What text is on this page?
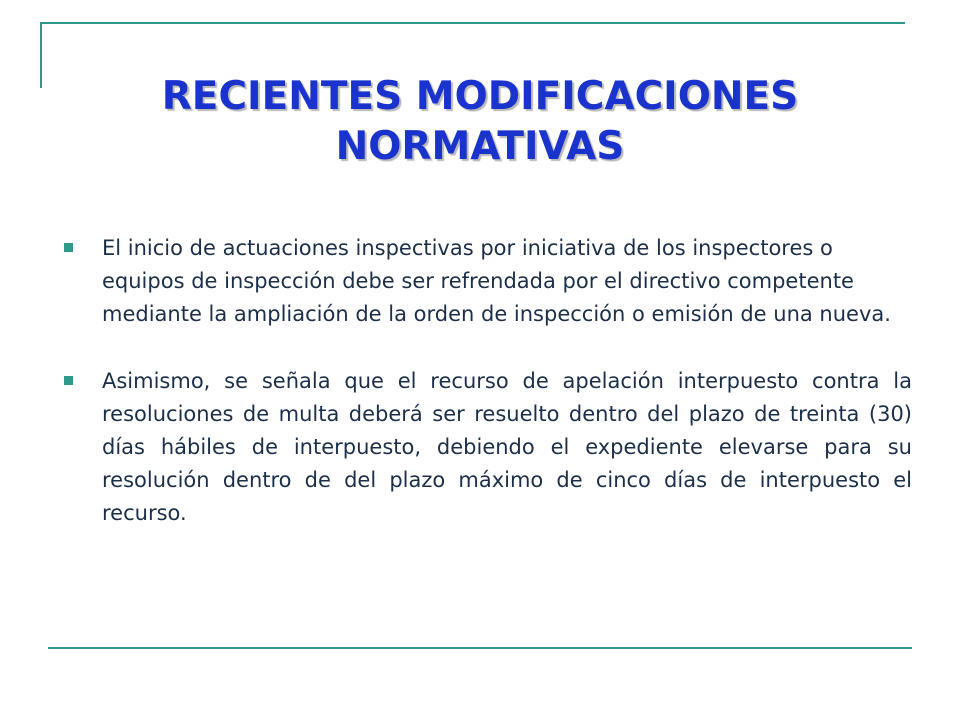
RECIENTES MODIFICACIONES NORMATIVAS
El inicio de actuaciones inspectivas por iniciativa de los inspectores o equipos de inspección debe ser refrendada por el directivo competente mediante la ampliación de la orden de inspección o emisión de una nueva.
Asimismo, se señala que el recurso de apelación interpuesto contra la resoluciones de multa deberá ser resuelto dentro del plazo de treinta (30) días hábiles de interpuesto, debiendo el expediente elevarse para su resolución dentro de del plazo máximo de cinco días de interpuesto el recurso.
